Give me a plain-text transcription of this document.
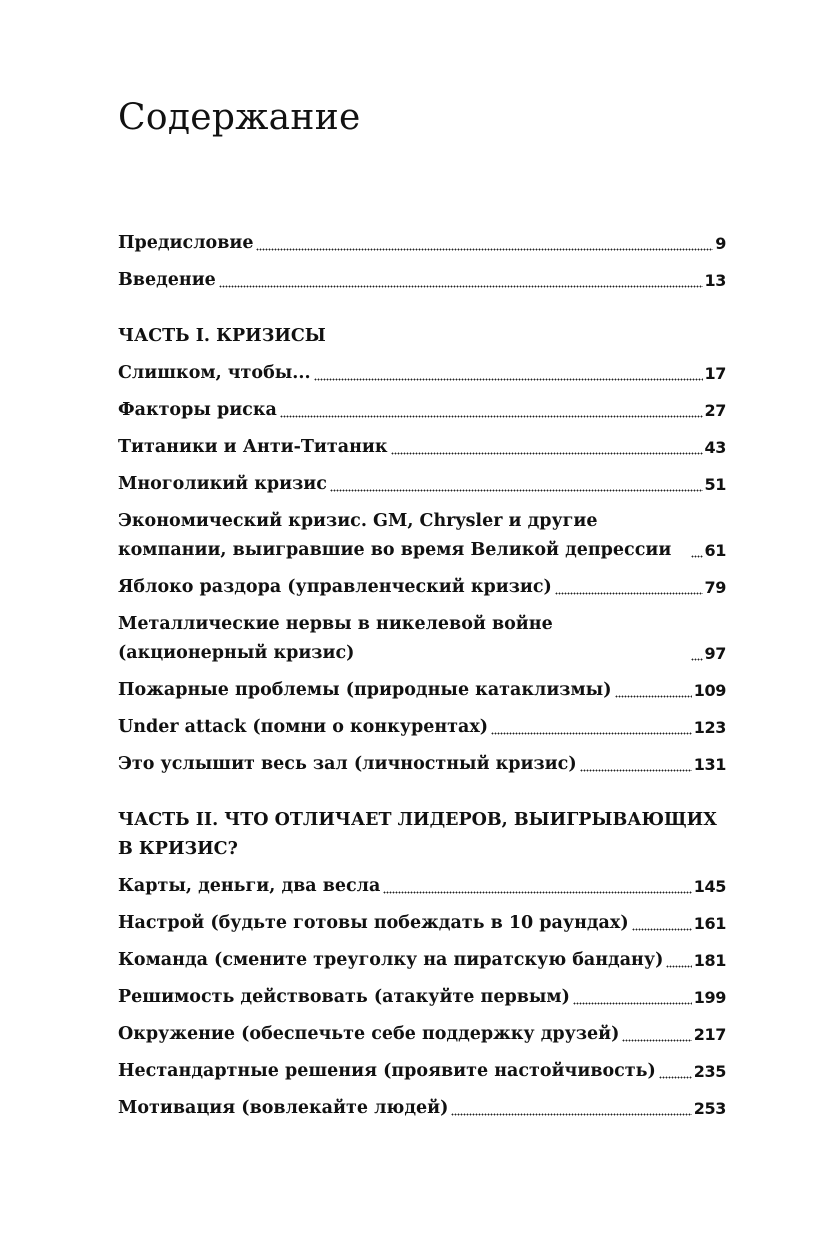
Содержание
Предисловие	9
Введение	13
ЧАСТЬ I. КРИЗИСЫ
Слишком, чтобы...	17
Факторы риска	27
Титаники и Анти-Титаник	43
Многоликий кризис	51
Экономический кризис. GM, Chrysler и другие компании, выигравшие во время Великой депрессии	61
Яблоко раздора (управленческий кризис)	79
Металлические нервы в никелевой войне (акционерный кризис)	97
Пожарные проблемы (природные катаклизмы)	109
Under attack (помни о конкурентах)	123
Это услышит весь зал (личностный кризис)	131
ЧАСТЬ II. ЧТО ОТЛИЧАЕТ ЛИДЕРОВ, ВЫИГРЫВАЮЩИХ В КРИЗИС?
Карты, деньги, два весла	145
Настрой (будьте готовы побеждать в 10 раундах)	161
Команда (смените треуголку на пиратскую бандану) 181
Решимость действовать (атакуйте первым)	199
Окружение (обеспечьте себе поддержку друзей)	217
Нестандартные решения (проявите настойчивость) 235
Мотивация (вовлекайте людей)	253
